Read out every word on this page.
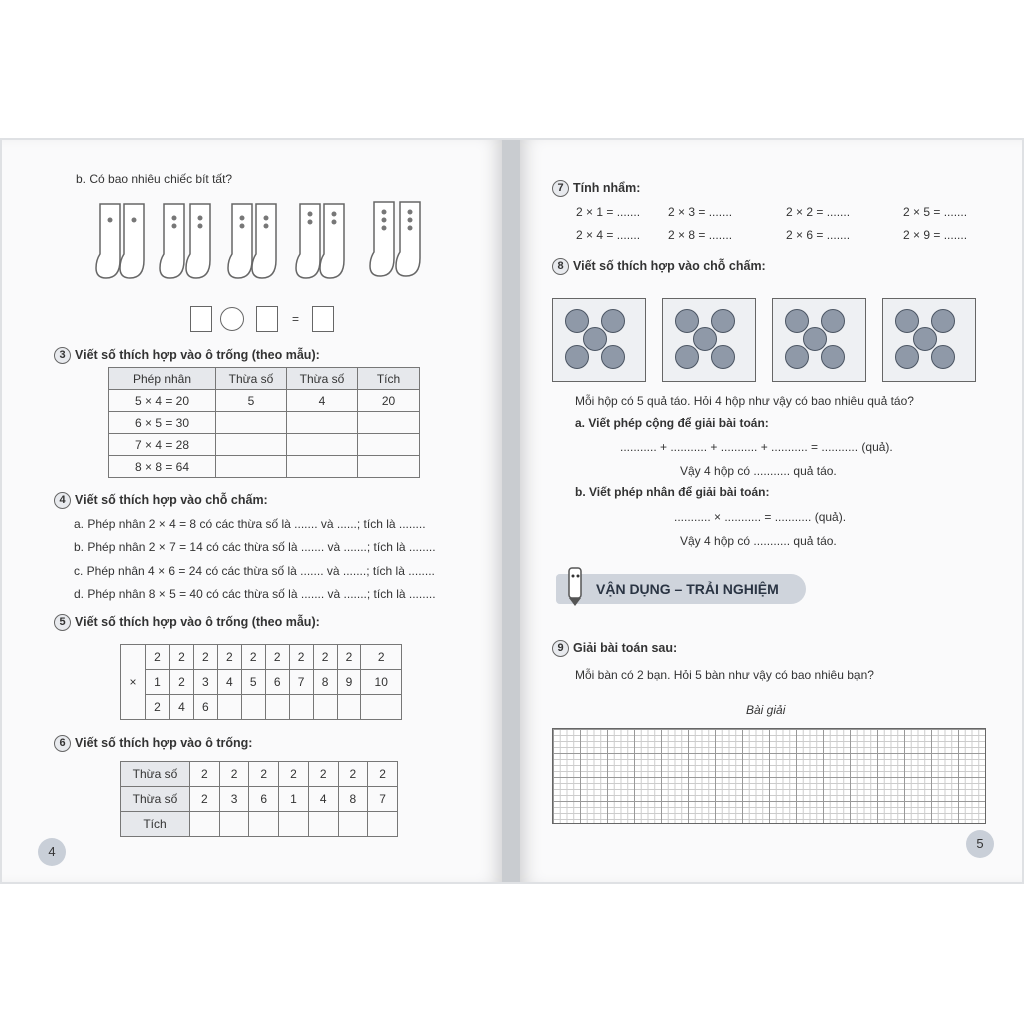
b. Có bao nhiêu chiếc bít tất?
=
3 Viết số thích hợp vào ô trống (theo mẫu):
Phép nhân	Thừa số	Thừa số	Tích
5 × 4 = 20	5	4	20
6 × 5 = 30			
7 × 4 = 28			
8 × 8 = 64			
4 Viết số thích hợp vào chỗ chấm:
a. Phép nhân 2 × 4 = 8 có các thừa số là ....... và ......; tích là ........
b. Phép nhân 2 × 7 = 14 có các thừa số là ....... và .......; tích là ........
c. Phép nhân 4 × 6 = 24 có các thừa số là ....... và .......; tích là ........
d. Phép nhân 8 × 5 = 40 có các thừa số là ....... và .......; tích là ........
5 Viết số thích hợp vào ô trống (theo mẫu):
×	2	2	2	2	2	2	2	2	2	2
	1	2	3	4	5	6	7	8	9	10
	2	4	6							
6 Viết số thích hợp vào ô trống:
Thừa số	2	2	2	2	2	2	2
Thừa số	2	3	6	1	4	8	7
Tích							
4
7 Tính nhẩm:
2 × 1 = ....... 2 × 3 = .......	2 × 2 = .......	2 × 5 = .......
2 × 4 = ....... 2 × 8 = .......	2 × 6 = .......	2 × 9 = .......
8 Viết số thích hợp vào chỗ chấm:
Mỗi hộp có 5 quả táo. Hỏi 4 hộp như vậy có bao nhiêu quả táo?
a. Viết phép cộng để giải bài toán:
........... + ........... + ........... + ........... = ........... (quả).
Vậy 4 hộp có ........... quả táo.
b. Viết phép nhân để giải bài toán:
........... × ........... = ........... (quả).
Vậy 4 hộp có ........... quả táo.
VẬN DỤNG – TRẢI NGHIỆM
9 Giải bài toán sau:
Mỗi bàn có 2 bạn. Hỏi 5 bàn như vậy có bao nhiêu bạn?
Bài giải
5
